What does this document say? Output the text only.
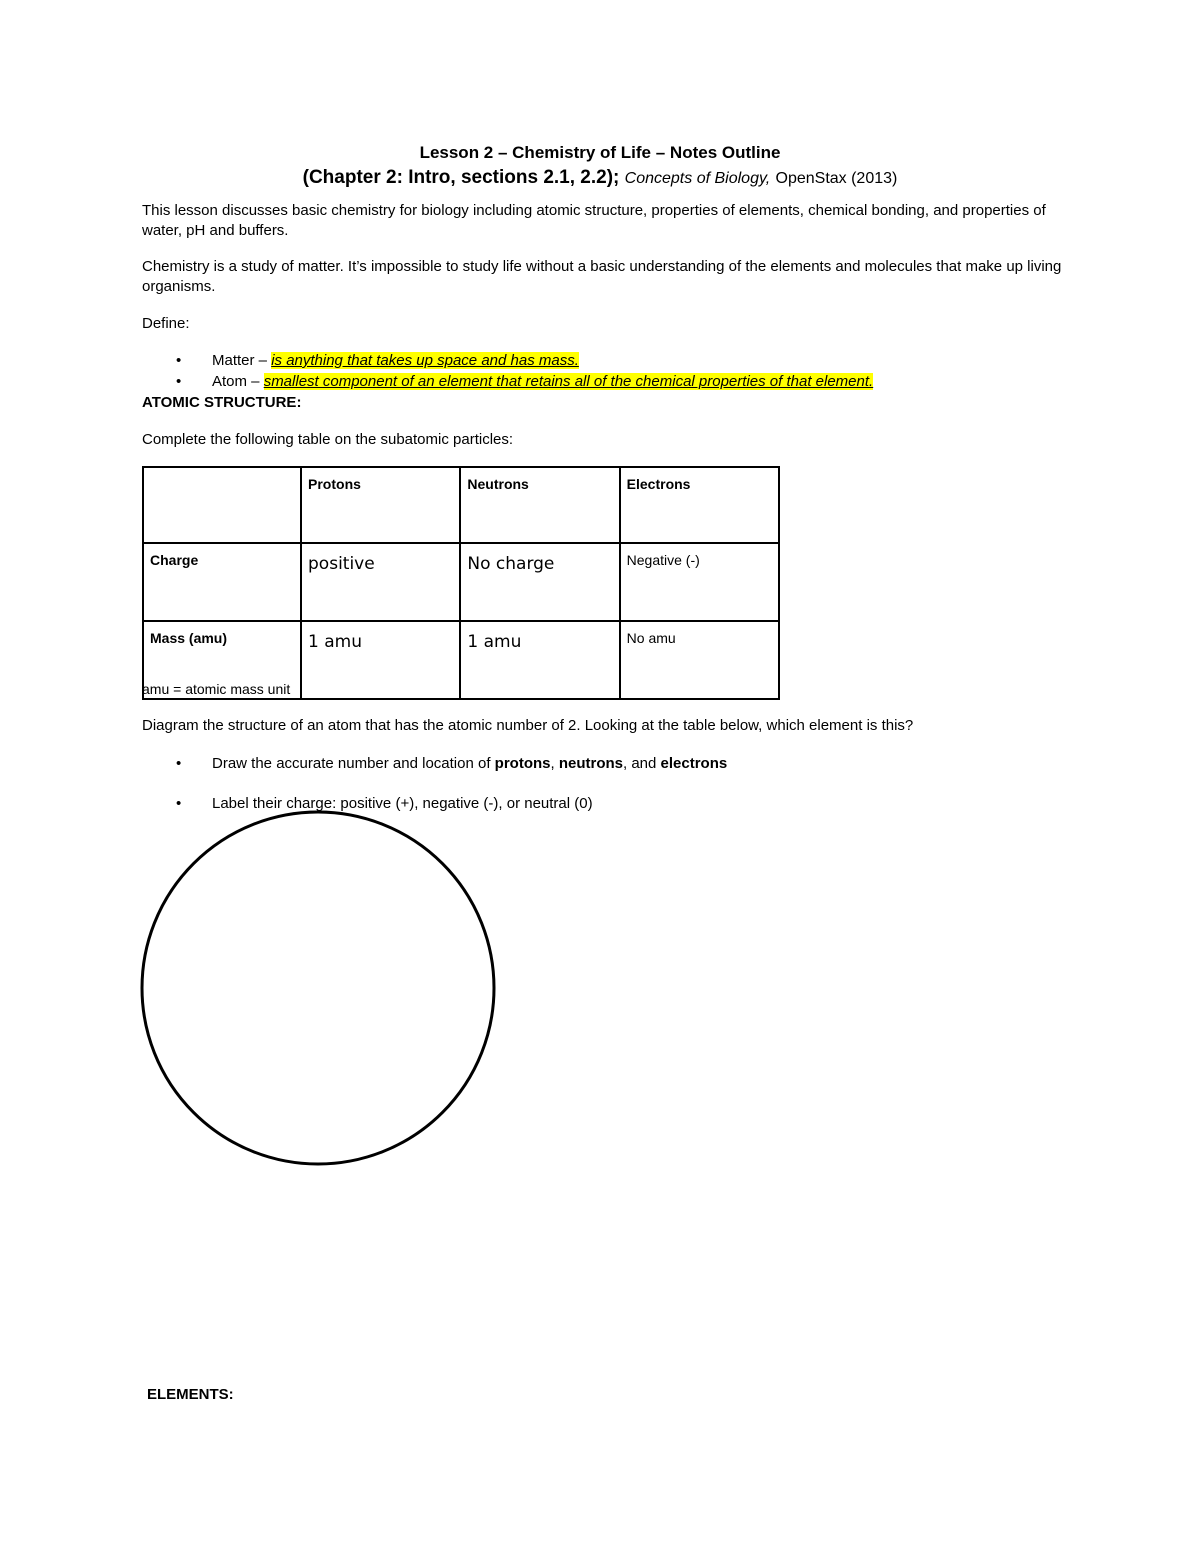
Lesson 2 – Chemistry of Life – Notes Outline
(Chapter 2: Intro, sections 2.1, 2.2); Concepts of Biology, OpenStax (2013)
This lesson discusses basic chemistry for biology including atomic structure, properties of elements, chemical bonding, and properties of water, pH and buffers.
Chemistry is a study of matter. It’s impossible to study life without a basic understanding of the elements and molecules that make up living organisms.
Define:
• Matter – is anything that takes up space and has mass.
• Atom – smallest component of an element that retains all of the chemical properties of that element.
ATOMIC STRUCTURE:
Complete the following table on the subatomic particles:
	Protons	Neutrons	Electrons
Charge	positive	No charge	Negative (-)
Mass (amu)	1 amu	1 amu	No amu
amu = atomic mass unit
Diagram the structure of an atom that has the atomic number of 2. Looking at the table below, which element is this?
• Draw the accurate number and location of protons, neutrons, and electrons
• Label their charge: positive (+), negative (-), or neutral (0)
ELEMENTS:
